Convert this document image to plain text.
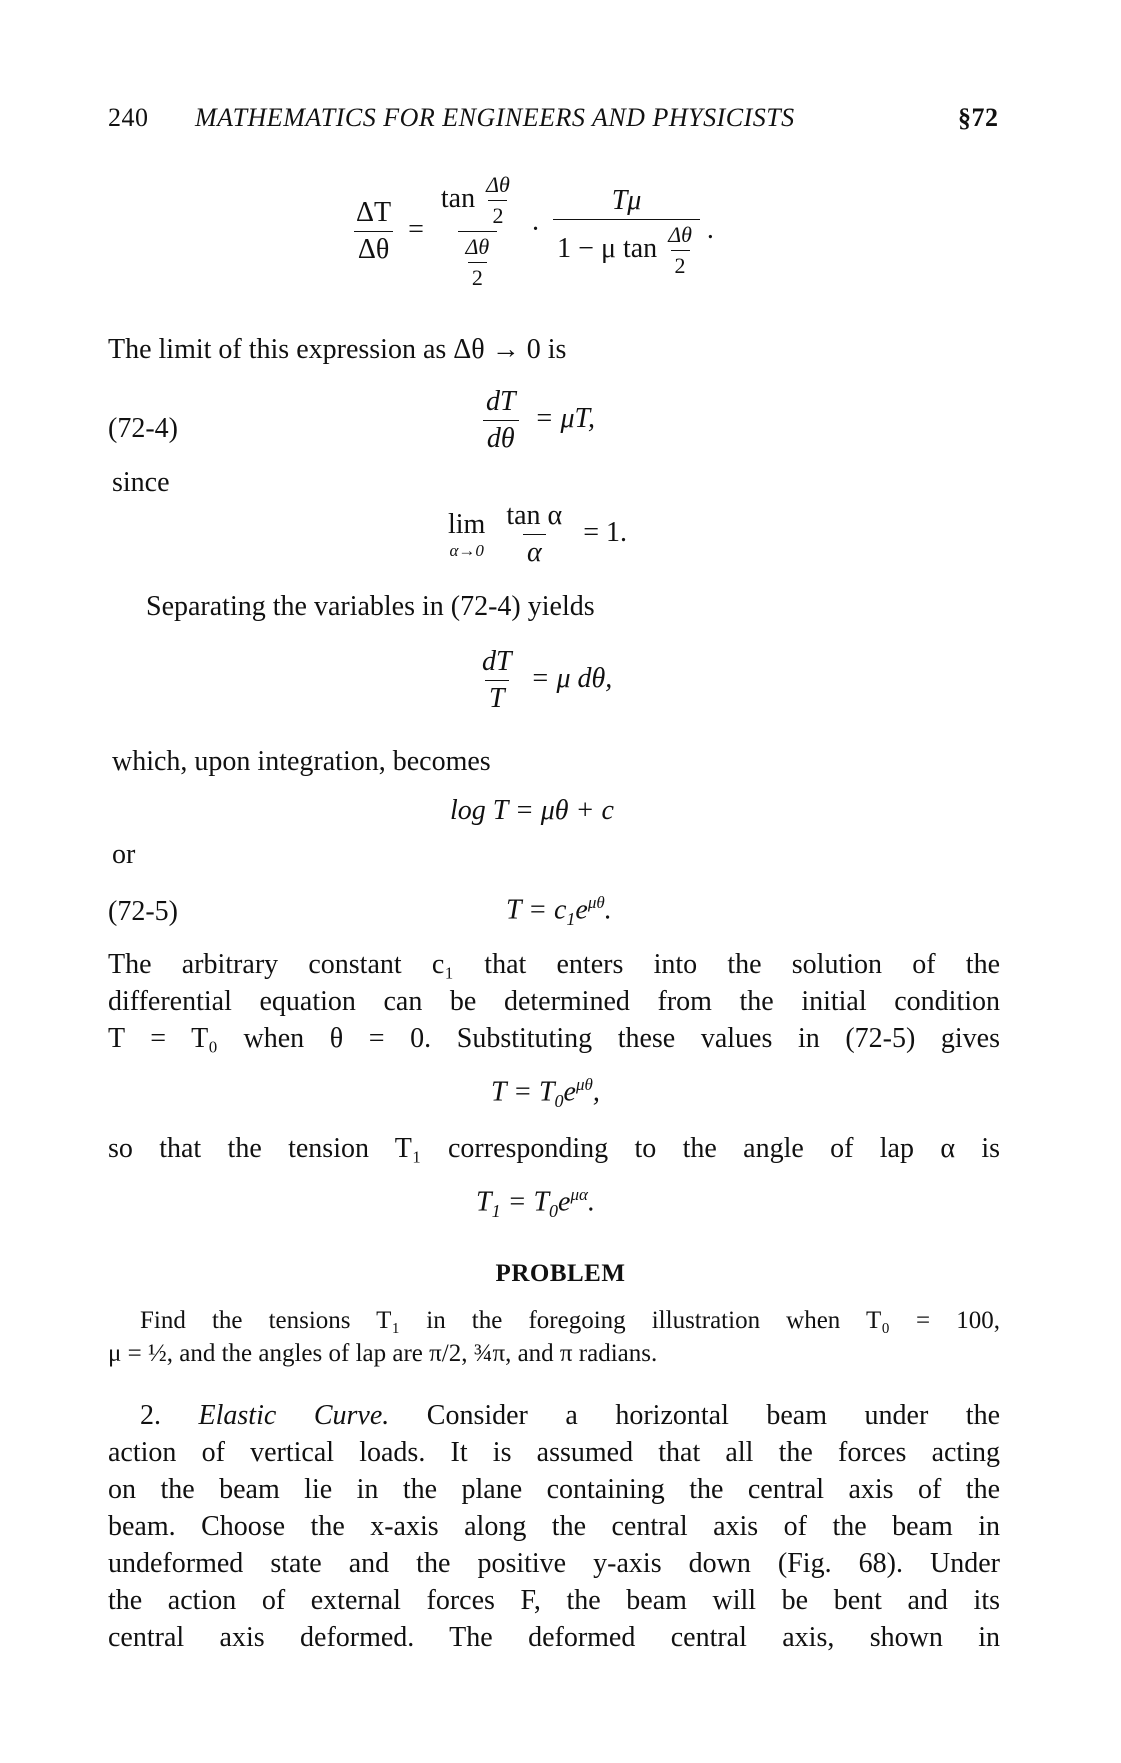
240 MATHEMATICS FOR ENGINEERS AND PHYSICISTS	§72
$\frac{\Delta T}{\Delta\theta} = \frac{\tan \frac{\Delta\theta}{2}}{\frac{\Delta\theta}{2}} \cdot \frac{T\mu}{1 - \mu \tan \frac{\Delta\theta}{2}}$ .
The limit of this expression as Δθ → 0 is
(72-4)	$\frac{dT}{d\theta} = \mu T$,
since
lim
α→0
$\frac{\text{tan α}}{\alpha} = 1$.
Separating the variables in (72-4) yields
$\frac{dT}{T} = \mu$ dθ,
which, upon integration, becomes
log T = μθ + c
or
(72-5)	$T = c_1e^{\mu\theta}$.
The arbitrary constant c₁ that enters into the solution of the
differential equation can be determined from the initial condition
T = T₀ when θ = 0. Substituting these values in (72-5) gives
$T = T_0e^{\mu\theta}$,
so that the tension T₁ corresponding to the angle of lap α is
$T_1 = T_0e^{\mu\alpha}$.
PROBLEM
Find the tensions T₁ in the foregoing illustration when T₀ = 100,
μ = ½, and the angles of lap are π/2, ¾π, and π radians.
2. Elastic Curve. Consider a horizontal beam under the
action of vertical loads. It is assumed that all the forces acting
on the beam lie in the plane containing the central axis of the
beam. Choose the x-axis along the central axis of the beam in
undeformed state and the positive y-axis down (Fig. 68). Under
the action of external forces F, the beam will be bent and its
central axis deformed. The deformed central axis, shown in
